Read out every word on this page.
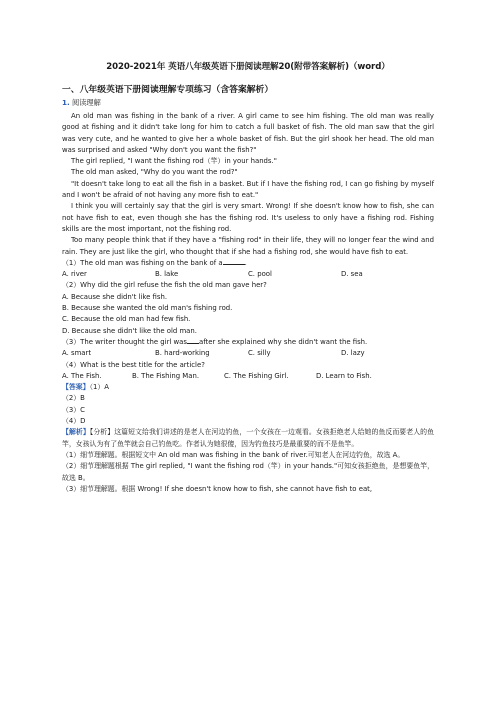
2020-2021年 英语八年级英语下册阅读理解20(附带答案解析)（word）
一、八年级英语下册阅读理解专项练习（含答案解析）
1. 阅读理解

An old man was fishing in the bank of a river. A girl came to see him fishing. The old man was really good at fishing and it didn't take long for him to catch a full basket of fish. The old man saw that the girl was very cute, and he wanted to give her a whole basket of fish. But the girl shook her head. The old man was surprised and asked "Why don't you want the fish?"

The girl replied, "I want the fishing rod（竿）in your hands."

The old man asked, "Why do you want the rod?"

"It doesn't take long to eat all the fish in a basket. But if I have the fishing rod, I can go fishing by myself and I won't be afraid of not having any more fish to eat."

I think you will certainly say that the girl is very smart. Wrong! If she doesn't know how to fish, she can not have fish to eat, even though she has the fishing rod. It's useless to only have a fishing rod. Fishing skills are the most important, not the fishing rod.

Too many people think that if they have a "fishing rod" in their life, they will no longer fear the wind and rain. They are just like the girl, who thought that if she had a fishing rod, she would have fish to eat.

（1）The old man was fishing on the bank of a	.

A. river	B. lake	C. pool	D. sea

（2）Why did the girl refuse the fish the old man gave her?

A. Because she didn't like fish.

B. Because she wanted the old man's fishing rod.

C. Because the old man had few fish.

D. Because she didn't like the old man.

（3）The writer thought the girl was after she explained why she didn't want the fish.

A. smart	B. hard-working	C. silly	D. lazy

（4）What is the best title for the article?

A. The Fish.	B. The Fishing Man.	C. The Fishing Girl.	D. Learn to Fish.

【答案】（1）A

（2）B

（3）C

（4）D

【解析】【分析】这篇短文给我们讲述的是老人在河边钓鱼，一个女孩在一边观看。女孩拒绝老人给她的鱼反而要老人的鱼竿，女孩认为有了鱼竿就会自己钓鱼吃。作者认为她很傻，因为钓鱼技巧是最重要的而不是鱼竿。

（1）细节理解题。根据短文中 An old man was fishing in the bank of river.可知老人在河边钓鱼，故选 A。

（2）细节理解题根据 The girl replied, "I want the fishing rod（竿）in your hands."可知女孩拒绝鱼，是想要鱼竿，故选 B。

（3）细节理解题。根据 Wrong! If she doesn't know how to fish, she cannot have fish to eat,
